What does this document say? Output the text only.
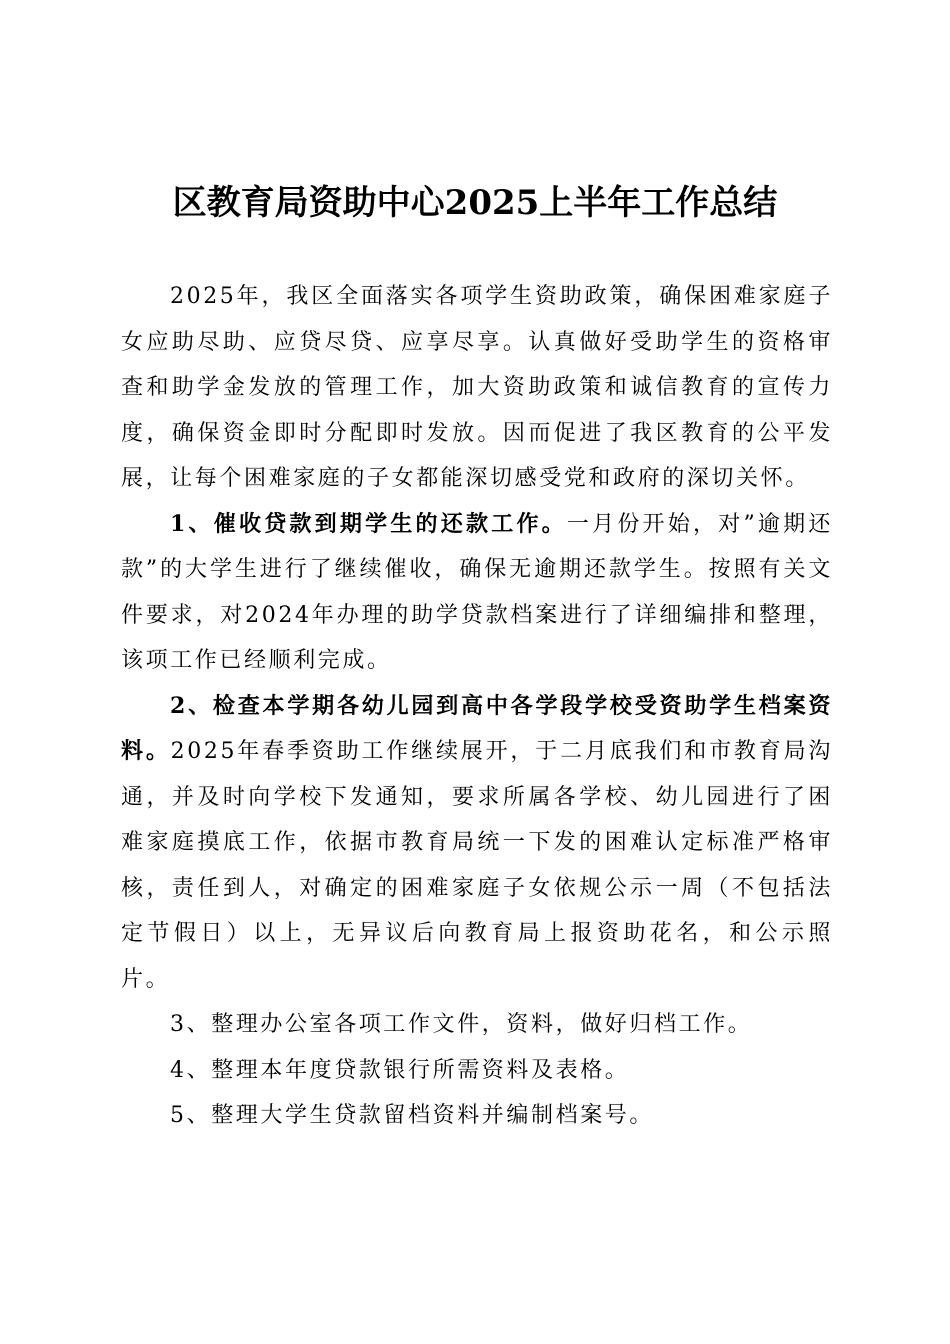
区教育局资助中心2025上半年工作总结

2025年，我区全面落实各项学生资助政策，确保困难家庭子女应助尽助、应贷尽贷、应享尽享。认真做好受助学生的资格审查和助学金发放的管理工作，加大资助政策和诚信教育的宣传力度，确保资金即时分配即时发放。因而促进了我区教育的公平发展，让每个困难家庭的子女都能深切感受党和政府的深切关怀。

1、催收贷款到期学生的还款工作。一月份开始，对”逾期还款”的大学生进行了继续催收，确保无逾期还款学生。按照有关文件要求，对2024年办理的助学贷款档案进行了详细编排和整理，该项工作已经顺利完成。

2、检查本学期各幼儿园到高中各学段学校受资助学生档案资料。2025年春季资助工作继续展开，于二月底我们和市教育局沟通，并及时向学校下发通知，要求所属各学校、幼儿园进行了困难家庭摸底工作，依据市教育局统一下发的困难认定标准严格审核，责任到人，对确定的困难家庭子女依规公示一周（不包括法定节假日）以上，无异议后向教育局上报资助花名，和公示照片。

3、整理办公室各项工作文件，资料，做好归档工作。

4、整理本年度贷款银行所需资料及表格。

5、整理大学生贷款留档资料并编制档案号。
